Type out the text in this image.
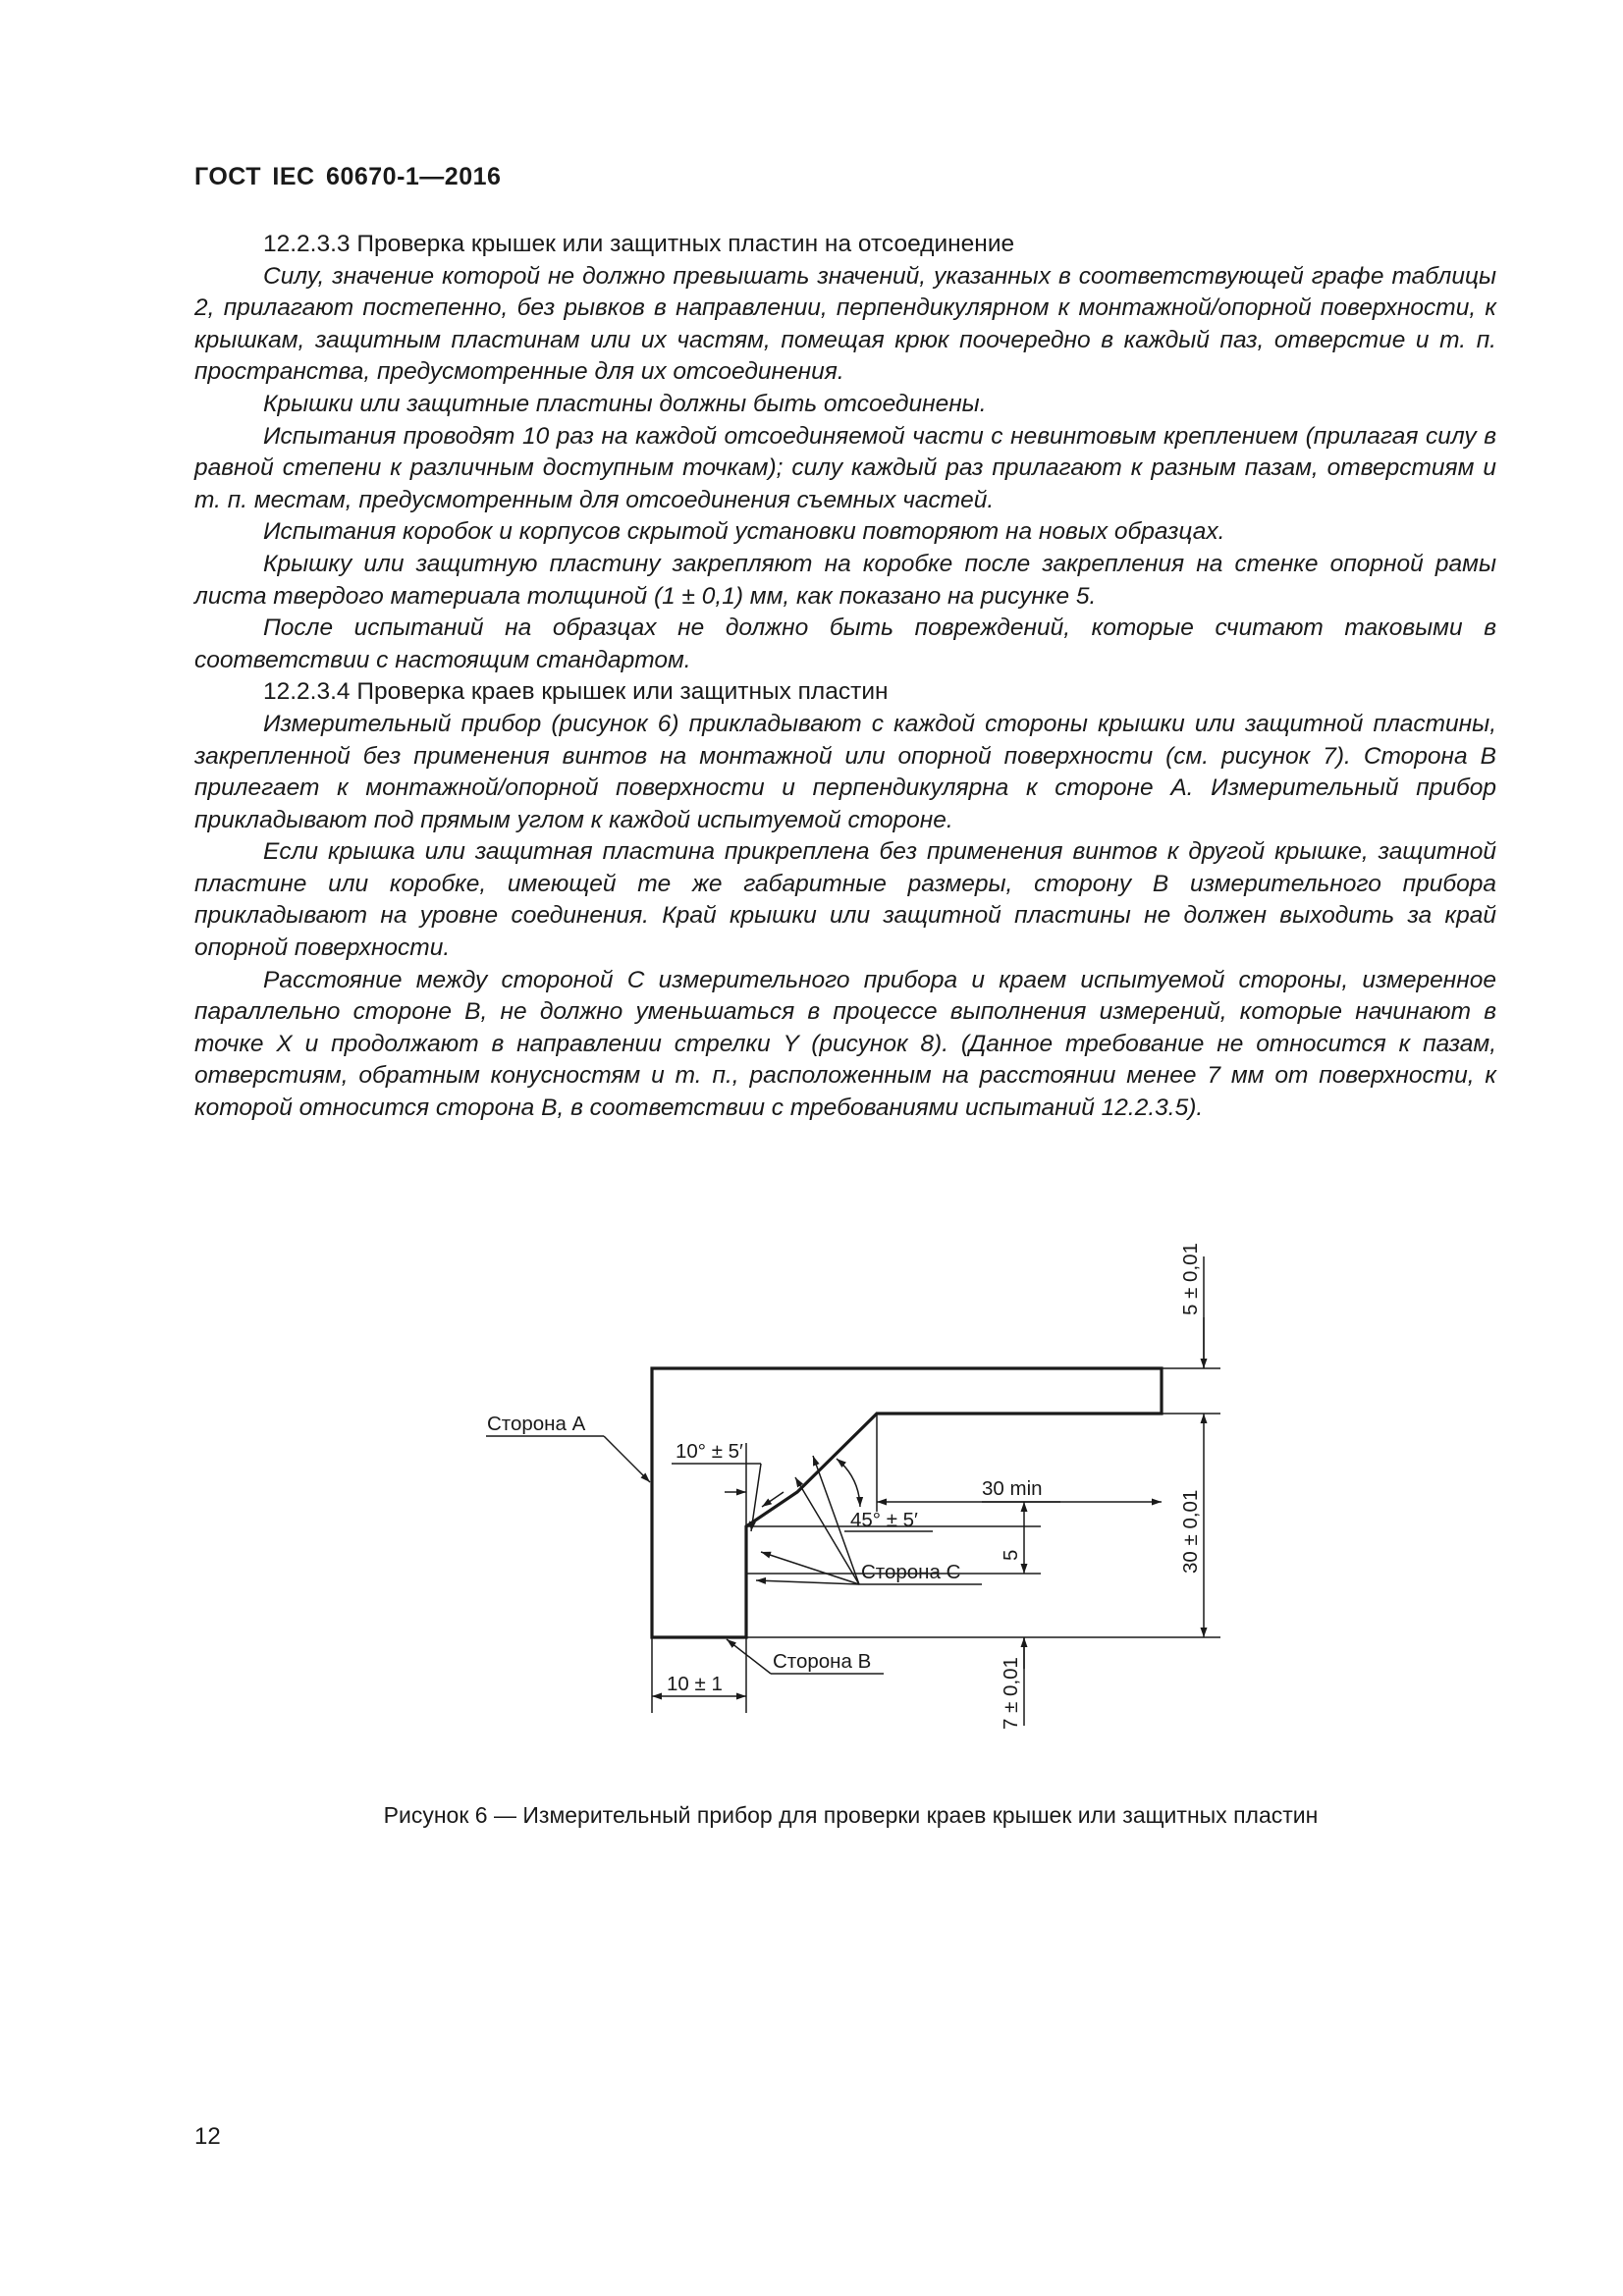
ГОСТ IEC 60670-1—2016

12.2.3.3 Проверка крышек или защитных пластин на отсоединение

Силу, значение которой не должно превышать значений, указанных в соответствующей графе таблицы 2, прилагают постепенно, без рывков в направлении, перпендикулярном к монтажной/опорной поверхности, к крышкам, защитным пластинам или их частям, помещая крюк поочередно в каждый паз, отверстие и т. п. пространства, предусмотренные для их отсоединения.

Крышки или защитные пластины должны быть отсоединены.

Испытания проводят 10 раз на каждой отсоединяемой части с невинтовым креплением (прилагая силу в равной степени к различным доступным точкам); силу каждый раз прилагают к разным пазам, отверстиям и т. п. местам, предусмотренным для отсоединения съемных частей.

Испытания коробок и корпусов скрытой установки повторяют на новых образцах.

Крышку или защитную пластину закрепляют на коробке после закрепления на стенке опорной рамы листа твердого материала толщиной (1 ± 0,1) мм, как показано на рисунке 5.

После испытаний на образцах не должно быть повреждений, которые считают таковыми в соответствии с настоящим стандартом.

12.2.3.4 Проверка краев крышек или защитных пластин

Измерительный прибор (рисунок 6) прикладывают с каждой стороны крышки или защитной пластины, закрепленной без применения винтов на монтажной или опорной поверхности (см. рисунок 7). Сторона В прилегает к монтажной/опорной поверхности и перпендикулярна к стороне А. Измерительный прибор прикладывают под прямым углом к каждой испытуемой стороне.

Если крышка или защитная пластина прикреплена без применения винтов к другой крышке, защитной пластине или коробке, имеющей те же габаритные размеры, сторону В измерительного прибора прикладывают на уровне соединения. Край крышки или защитной пластины не должен выходить за край опорной поверхности.

Расстояние между стороной С измерительного прибора и краем испытуемой стороны, измеренное параллельно стороне В, не должно уменьшаться в процессе выполнения измерений, которые начинают в точке X и продолжают в направлении стрелки Y (рисунок 8). (Данное требование не относится к пазам, отверстиям, обратным конусностям и т. п., расположенным на расстоянии менее 7 мм от поверхности, к которой относится сторона В, в соответствии с требованиями испытаний 12.2.3.5).

Сторона А
10° ± 5′
30 min
45° ± 5′
Сторона С
Сторона В
10 ± 1
5 ± 0,01
30 ± 0,01
5
7 ± 0,01
Рисунок 6 — Измерительный прибор для проверки краев крышек или защитных пластин
12
